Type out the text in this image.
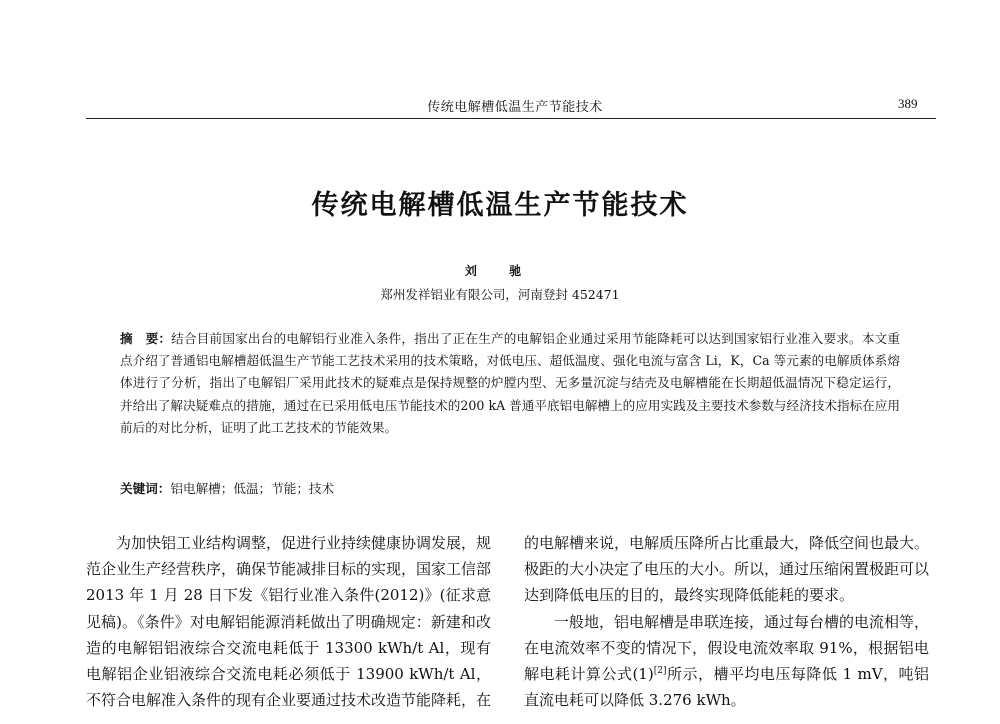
传统电解槽低温生产节能技术	389
传统电解槽低温生产节能技术
刘 驰
郑州发祥铝业有限公司，河南登封 452471
摘　要：结合目前国家出台的电解铝行业准入条件，指出了正在生产的电解铝企业通过采用节能降耗可以达到国家铝行业准入要求。本文重点介绍了普通铝电解槽超低温生产节能工艺技术采用的技术策略，对低电压、超低温度、强化电流与富含 Li，K，Ca 等元素的电解质体系熔体进行了分析，指出了电解铝厂采用此技术的疑难点是保持规整的炉膛内型、无多量沉淀与结壳及电解槽能在长期超低温情况下稳定运行，并给出了解决疑难点的措施，通过在已采用低电压节能技术的200 kA 普通平底铝电解槽上的应用实践及主要技术参数与经济技术指标在应用前后的对比分析，证明了此工艺技术的节能效果。
关键词：铝电解槽；低温；节能；技术

为加快铝工业结构调整，促进行业持续健康协调发展，规范企业生产经营秩序，确保节能减排目标的实现，国家工信部 2013 年 1 月 28 日下发《铝行业准入条件(2012)》(征求意见稿)。《条件》对电解铝能源消耗做出了明确规定：新建和改造的电解铝铝液综合交流电耗低于 13300 kWh/t Al，现有电解铝企业铝液综合交流电耗必须低于 13900 kWh/t Al，不符合电解准入条件的现有企业要通过技术改造节能降耗，在

的电解槽来说，电解质压降所占比重最大，降低空间也最大。极距的大小决定了电压的大小。所以，通过压缩闲置极距可以达到降低电压的目的，最终实现降低能耗的要求。

一般地，铝电解槽是串联连接，通过每台槽的电流相等，在电流效率不变的情况下，假设电流效率取 91%，根据铝电解电耗计算公式(1)[2]所示，槽平均电压每降低 1 mV，吨铝直流电耗可以降低 3.276 kWh。
